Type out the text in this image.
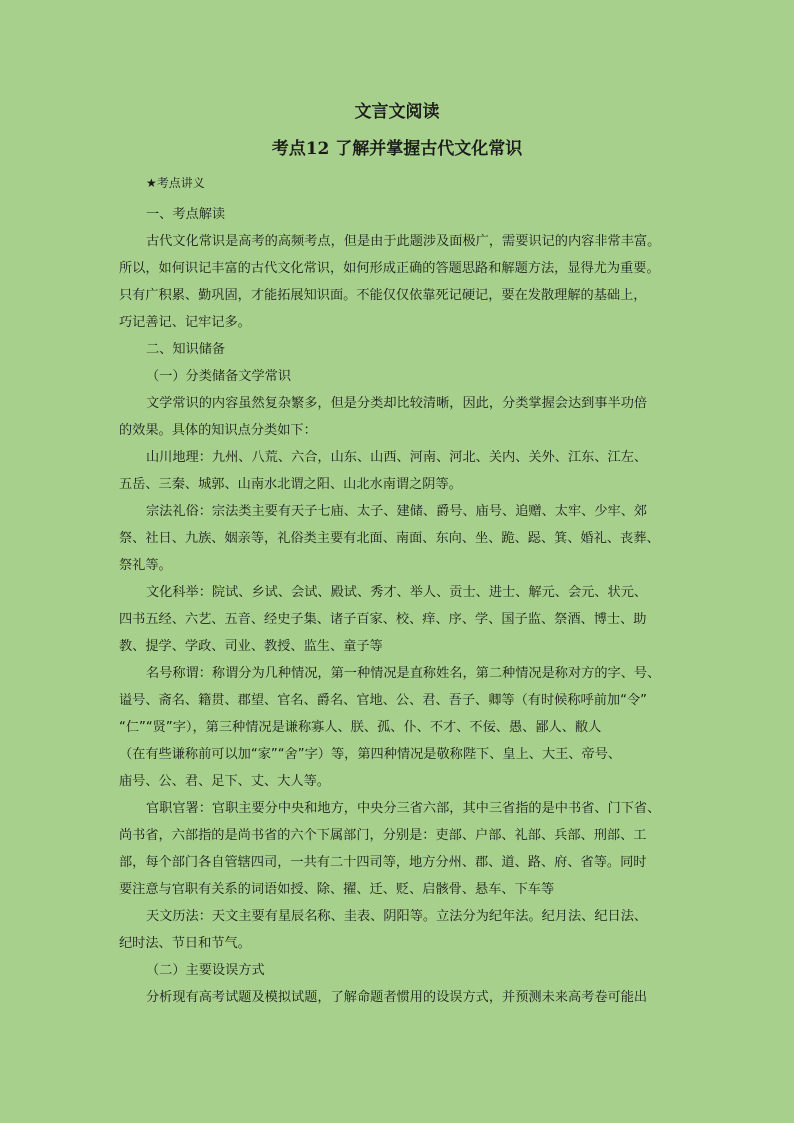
文言文阅读
考点12 了解并掌握古代文化常识

★考点讲义

一、考点解读

古代文化常识是高考的高频考点，但是由于此题涉及面极广，需要识记的内容非常丰富。

所以，如何识记丰富的古代文化常识，如何形成正确的答题思路和解题方法，显得尤为重要。

只有广积累、勤巩固，才能拓展知识面。不能仅仅依靠死记硬记，要在发散理解的基础上，

巧记善记、记牢记多。

二、知识储备

（一）分类储备文学常识

文学常识的内容虽然复杂繁多，但是分类却比较清晰，因此，分类掌握会达到事半功倍

的效果。具体的知识点分类如下：

山川地理：九州、八荒、六合，山东、山西、河南、河北、关内、关外、江东、江左、

五岳、三秦、城郭、山南水北谓之阳、山北水南谓之阴等。

宗法礼俗：宗法类主要有天子七庙、太子、建储、爵号、庙号、追赠、太牢、少牢、郊

祭、社日、九族、姻亲等，礼俗类主要有北面、南面、东向、坐、跪、跽、箕、婚礼、丧葬、

祭礼等。

文化科举：院试、乡试、会试、殿试、秀才、举人、贡士、进士、解元、会元、状元、

四书五经、六艺、五音、经史子集、诸子百家、校、痒、序、学、国子监、祭酒、博士、助

教、提学、学政、司业、教授、监生、童子等

名号称谓：称谓分为几种情况，第一种情况是直称姓名，第二种情况是称对方的字、号、

谥号、斋名、籍贯、郡望、官名、爵名、官地、公、君、吾子、卿等（有时候称呼前加“令”

“仁”“贤”字），第三种情况是谦称寡人、朕、孤、仆、不才、不佞、愚、鄙人、敝人

（在有些谦称前可以加“家”“舍”字）等，第四种情况是敬称陛下、皇上、大王、帝号、

庙号、公、君、足下、丈、大人等。

官职官署：官职主要分中央和地方，中央分三省六部，其中三省指的是中书省、门下省、

尚书省，六部指的是尚书省的六个下属部门，分别是：吏部、户部、礼部、兵部、刑部、工

部，每个部门各自管辖四司，一共有二十四司等，地方分州、郡、道、路、府、省等。同时

要注意与官职有关系的词语如授、除、擢、迁、贬、启骸骨、悬车、下车等

天文历法：天文主要有星辰名称、圭表、阴阳等。立法分为纪年法。纪月法、纪日法、

纪时法、节日和节气。

（二）主要设误方式

分析现有高考试题及模拟试题，了解命题者惯用的设误方式，并预测未来高考卷可能出
